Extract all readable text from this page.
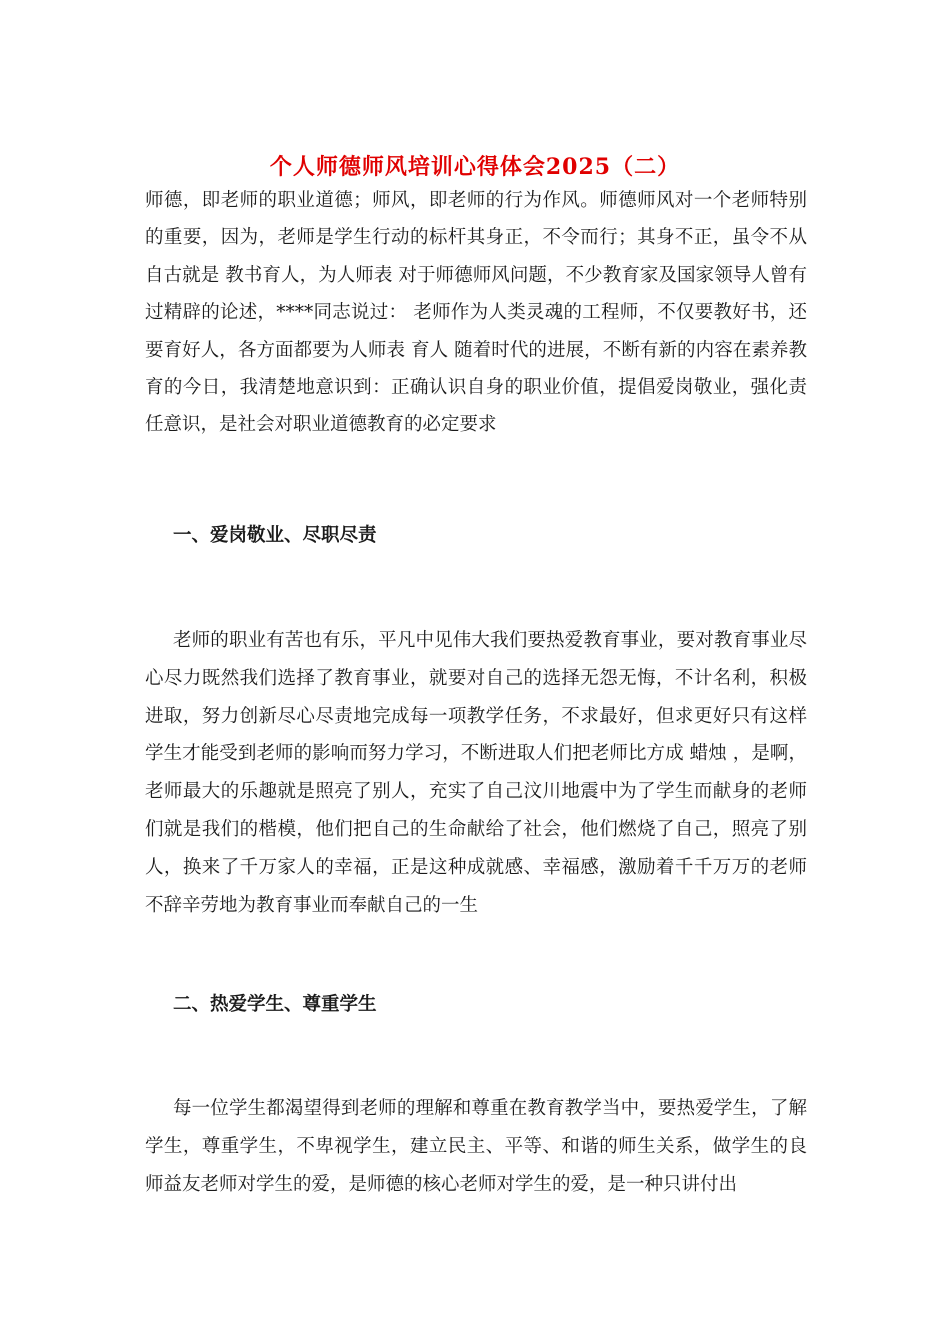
个人师德师风培训心得体会2025（二）

师德，即老师的职业道德；师风，即老师的行为作风。师德师风对一个老师特别的重要，因为，老师是学生行动的标杆其身正，不令而行；其身不正，虽令不从自古就是 教书育人，为人师表 对于师德师风问题，不少教育家及国家领导人曾有过精辟的论述，****同志说过： 老师作为人类灵魂的工程师，不仅要教好书，还要育好人，各方面都要为人师表 育人 随着时代的进展，不断有新的内容在素养教育的今日，我清楚地意识到：正确认识自身的职业价值，提倡爱岗敬业，强化责任意识，是社会对职业道德教育的必定要求

一、爱岗敬业、尽职尽责

老师的职业有苦也有乐，平凡中见伟大我们要热爱教育事业，要对教育事业尽心尽力既然我们选择了教育事业，就要对自己的选择无怨无悔，不计名利，积极进取，努力创新尽心尽责地完成每一项教学任务，不求最好，但求更好只有这样学生才能受到老师的影响而努力学习，不断进取人们把老师比方成 蜡烛 ，是啊，老师最大的乐趣就是照亮了别人，充实了自己汶川地震中为了学生而献身的老师们就是我们的楷模，他们把自己的生命献给了社会，他们燃烧了自己，照亮了别人，换来了千万家人的幸福，正是这种成就感、幸福感，激励着千千万万的老师不辞辛劳地为教育事业而奉献自己的一生

二、热爱学生、尊重学生

每一位学生都渴望得到老师的理解和尊重在教育教学当中，要热爱学生，了解学生，尊重学生，不卑视学生，建立民主、平等、和谐的师生关系，做学生的良师益友老师对学生的爱，是师德的核心老师对学生的爱，是一种只讲付出
